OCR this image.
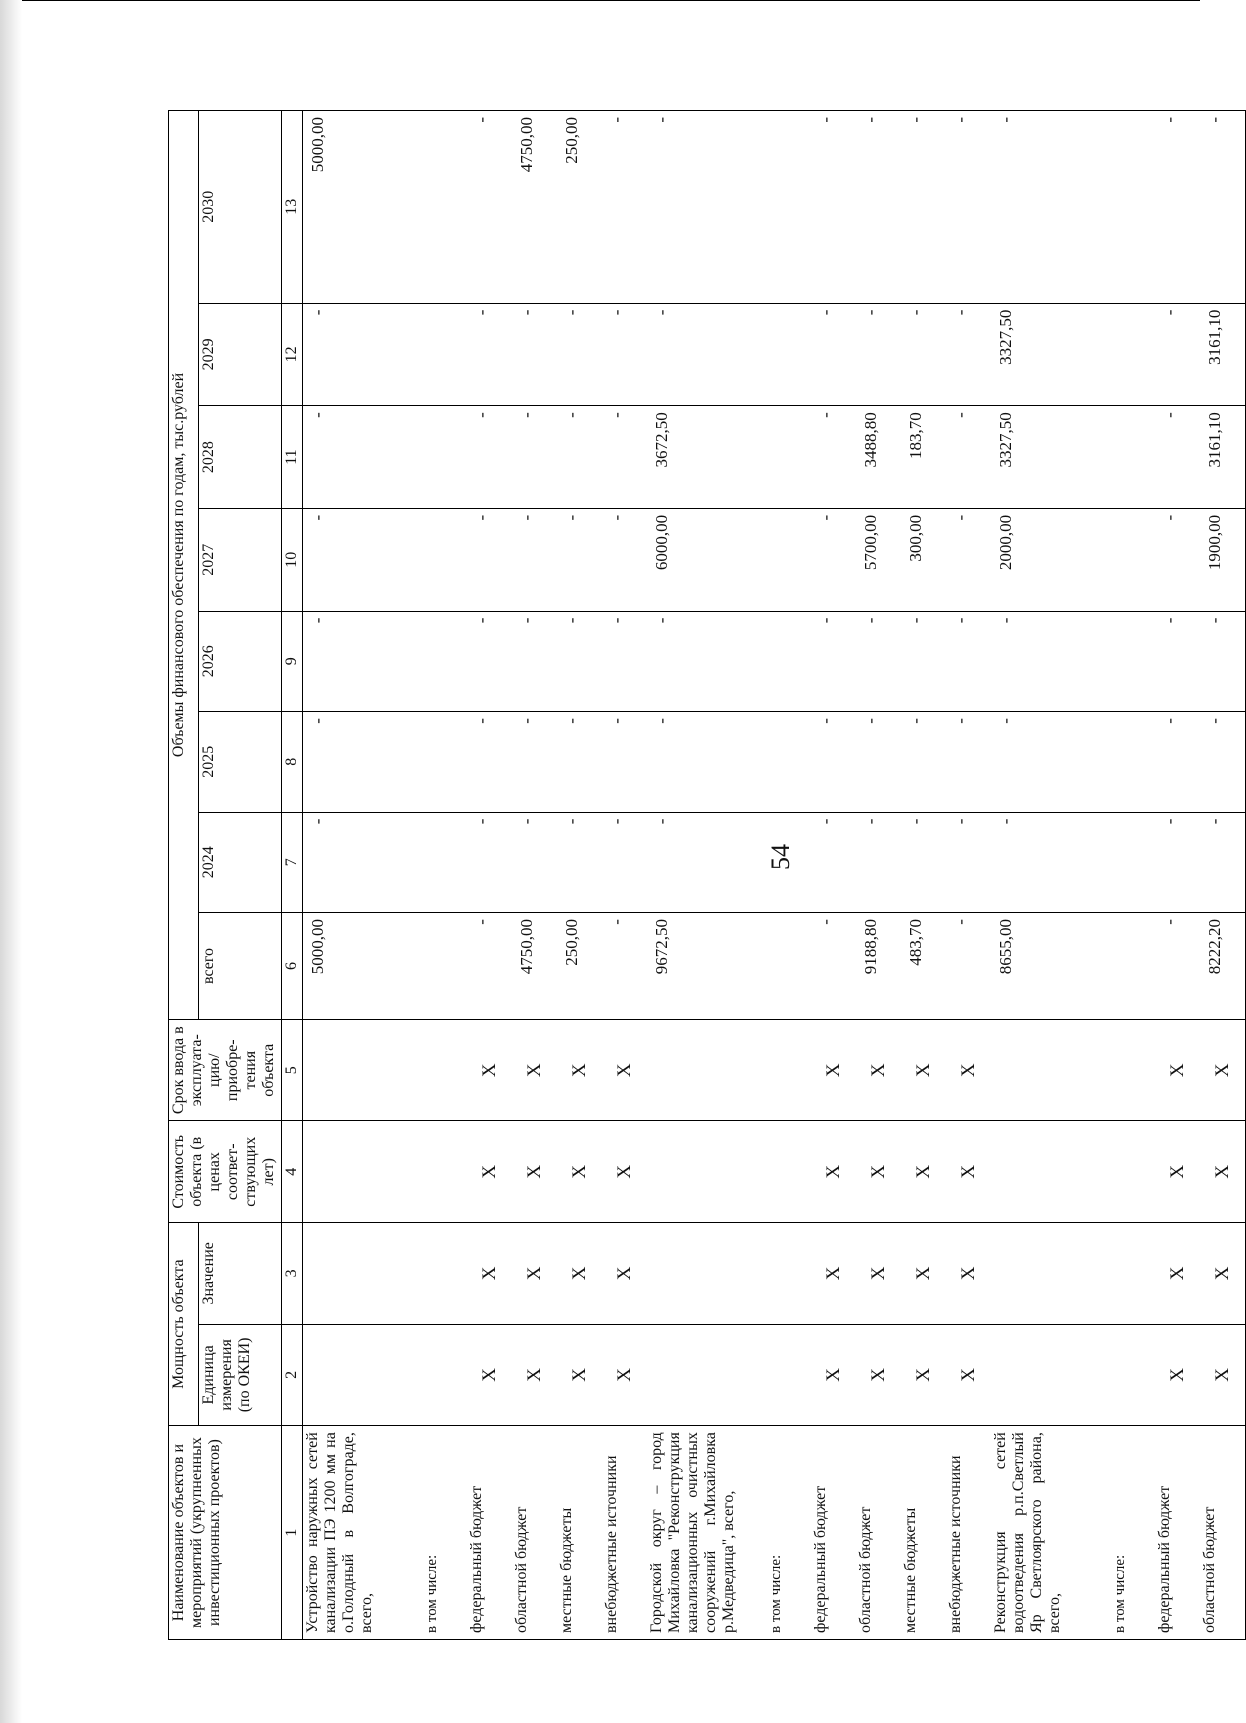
54
Наименование объектов и мероприятий (укрупненных инвестиционных проектов)	Мощность объекта		Стоимость объекта (в ценах соответ-ствующих лет)	Срок ввода в эксплуата-цию/приобре-тения объекта	Объемы финансового обеспечения по годам, тыс.рублей							
	Единица измерения (по ОКЕИ)	Значение			всего	2024	2025	2026	2027	2028	2029	2030
1	2	3	4	5	6	7	8	9	10	11	12	13
Устройство наружных сетей канализации ПЭ 1200 мм на о.Голодный в Волгограде, всего,					5000,00	-	-	-	-	-	-	5000,00
в том числе:												
федеральный бюджет	Х	Х	Х	Х	-	-	-	-	-	-	-	-
областной бюджет	Х	Х	Х	Х	4750,00	-	-	-	-	-	-	4750,00
местные бюджеты	Х	Х	Х	Х	250,00	-	-	-	-	-	-	250,00
внебюджетные источники	Х	Х	Х	Х	-	-	-	-	-	-	-	-
Городской округ – город Михайловка "Реконструкция канализационных очистных сооружений г.Михайловка р.Медведица", всего,					9672,50	-	-	-	6000,00	3672,50	-	-
в том числе:												
федеральный бюджет	Х	Х	Х	Х	-	-	-	-	-	-	-	-
областной бюджет	Х	Х	Х	Х	9188,80	-	-	-	5700,00	3488,80	-	-
местные бюджеты	Х	Х	Х	Х	483,70	-	-	-	300,00	183,70	-	-
внебюджетные источники	Х	Х	Х	Х	-	-	-	-	-	-	-	-
Реконструкция сетей водоотведения р.п.Светлый Яр Светлоярского района, всего,					8655,00	-	-	-	2000,00	3327,50	3327,50	-
в том числе:												
федеральный бюджет	Х	Х	Х	Х	-	-	-	-	-	-	-	-
областной бюджет	Х	Х	Х	Х	8222,20	-	-	-	1900,00	3161,10	3161,10	-
